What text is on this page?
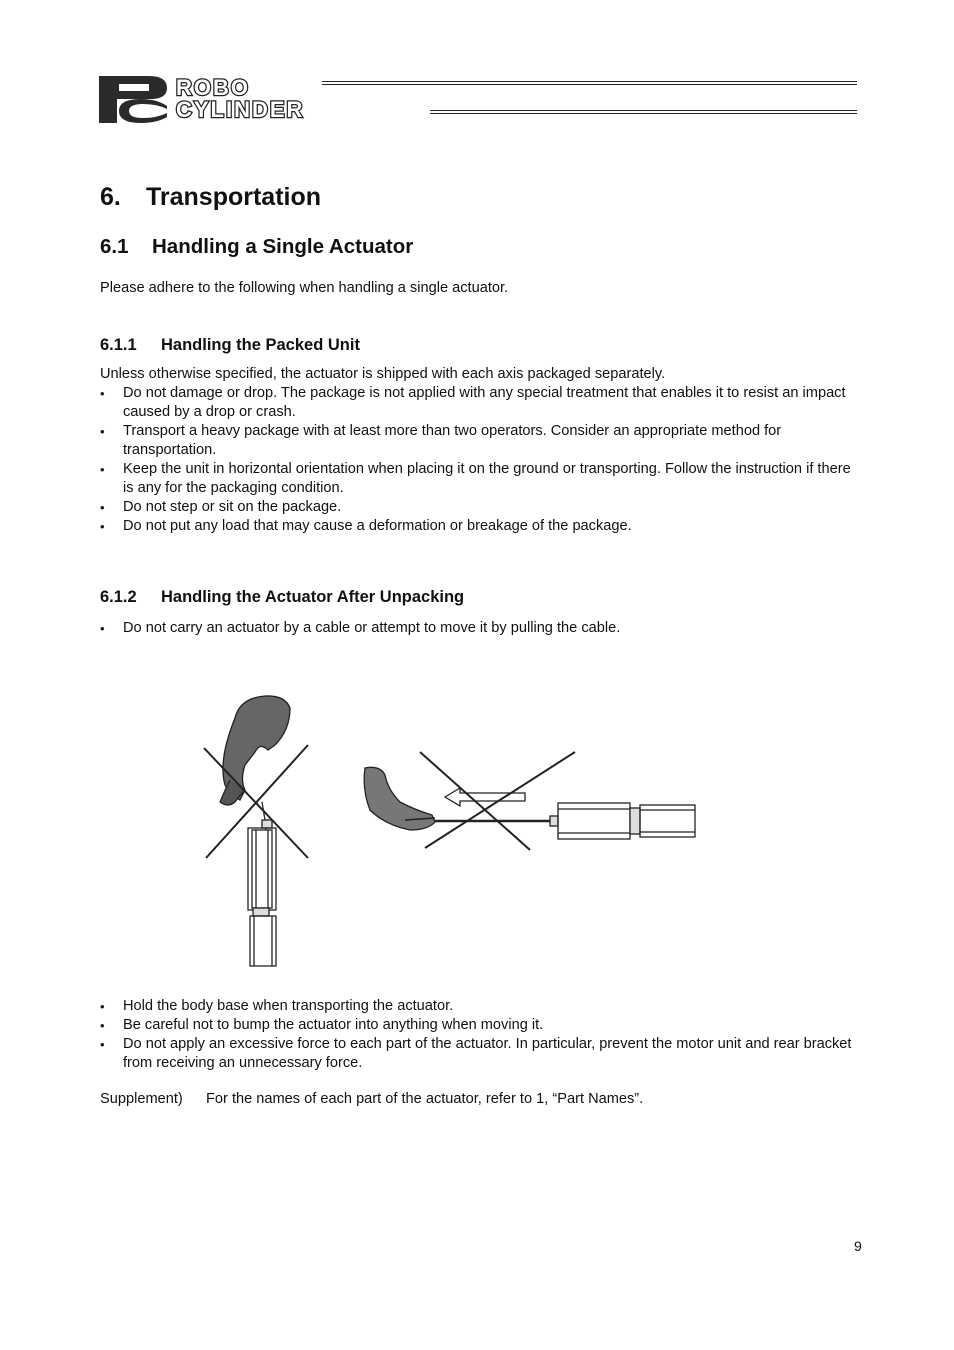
ROBO
CYLINDER
6. Transportation
6.1 Handling a Single Actuator

Please adhere to the following when handling a single actuator.

6.1.1 Handling the Packed Unit

Unless otherwise specified, the actuator is shipped with each axis packaged separately.

• Do not damage or drop. The package is not applied with any special treatment that enables it to resist an impact caused by a drop or crash.
• Transport a heavy package with at least more than two operators. Consider an appropriate method for transportation.
• Keep the unit in horizontal orientation when placing it on the ground or transporting. Follow the instruction if there is any for the packaging condition.
• Do not step or sit on the package.
• Do not put any load that may cause a deformation or breakage of the package.
6.1.2 Handling the Actuator After Unpacking
• Do not carry an actuator by a cable or attempt to move it by pulling the cable.
• Hold the body base when transporting the actuator.
• Be careful not to bump the actuator into anything when moving it.
• Do not apply an excessive force to each part of the actuator. In particular, prevent the motor unit and rear bracket from receiving an unnecessary force.
Supplement) For the names of each part of the actuator, refer to 1, “Part Names”.
9
